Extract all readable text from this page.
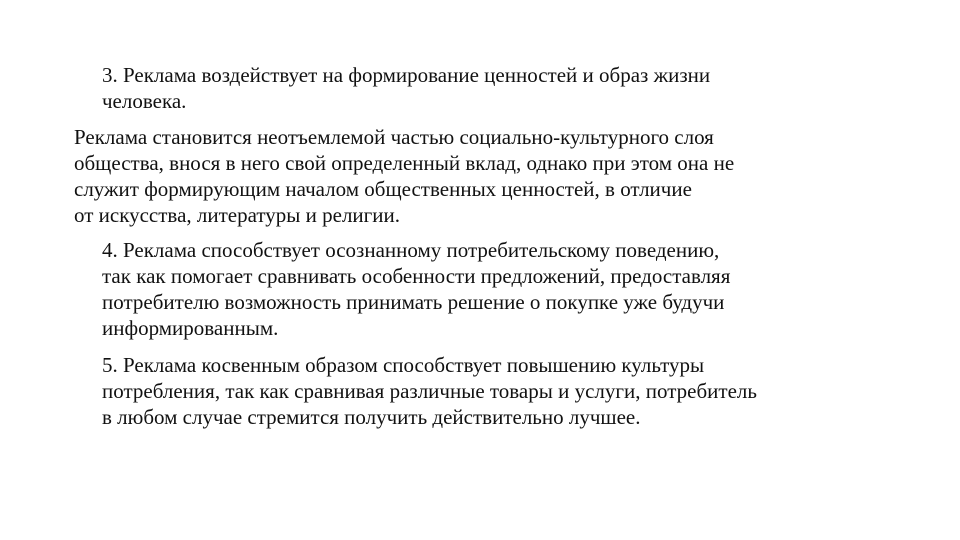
3. Реклама воздействует на формирование ценностей и образ жизни
человека.

Реклама становится неотъемлемой частью социально-культурного слоя
общества, внося в него свой определенный вклад, однако при этом она не
служит формирующим началом общественных ценностей, в отличие
от искусства, литературы и религии.

4. Реклама способствует осознанному потребительскому поведению,
так как помогает сравнивать особенности предложений, предоставляя
потребителю возможность принимать решение о покупке уже будучи
информированным.

5. Реклама косвенным образом способствует повышению культуры
потребления, так как сравнивая различные товары и услуги, потребитель
в любом случае стремится получить действительно лучшее.
